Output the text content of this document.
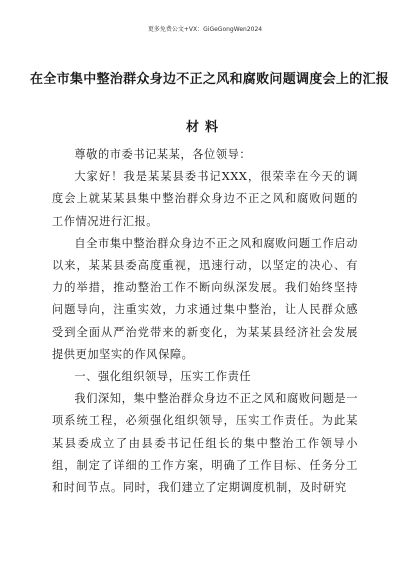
更多免费公文+VX：GiGeGongWen2024
在全市集中整治群众身边不正之风和腐败问题调度会上的汇报
材料

尊敬的市委书记某某，各位领导：

大家好！我是某某县委书记XXX，很荣幸在今天的调度会上就某某县集中整治群众身边不正之风和腐败问题的工作情况进行汇报。

自全市集中整治群众身边不正之风和腐败问题工作启动以来，某某县委高度重视，迅速行动，以坚定的决心、有力的举措，推动整治工作不断向纵深发展。我们始终坚持问题导向，注重实效，力求通过集中整治，让人民群众感受到全面从严治党带来的新变化，为某某县经济社会发展提供更加坚实的作风保障。

一、强化组织领导，压实工作责任

我们深知，集中整治群众身边不正之风和腐败问题是一项系统工程，必须强化组织领导，压实工作责任。为此某某县委成立了由县委书记任组长的集中整治工作领导小组，制定了详细的工作方案，明确了工作目标、任务分工和时间节点。同时，我们建立了定期调度机制，及时研究
